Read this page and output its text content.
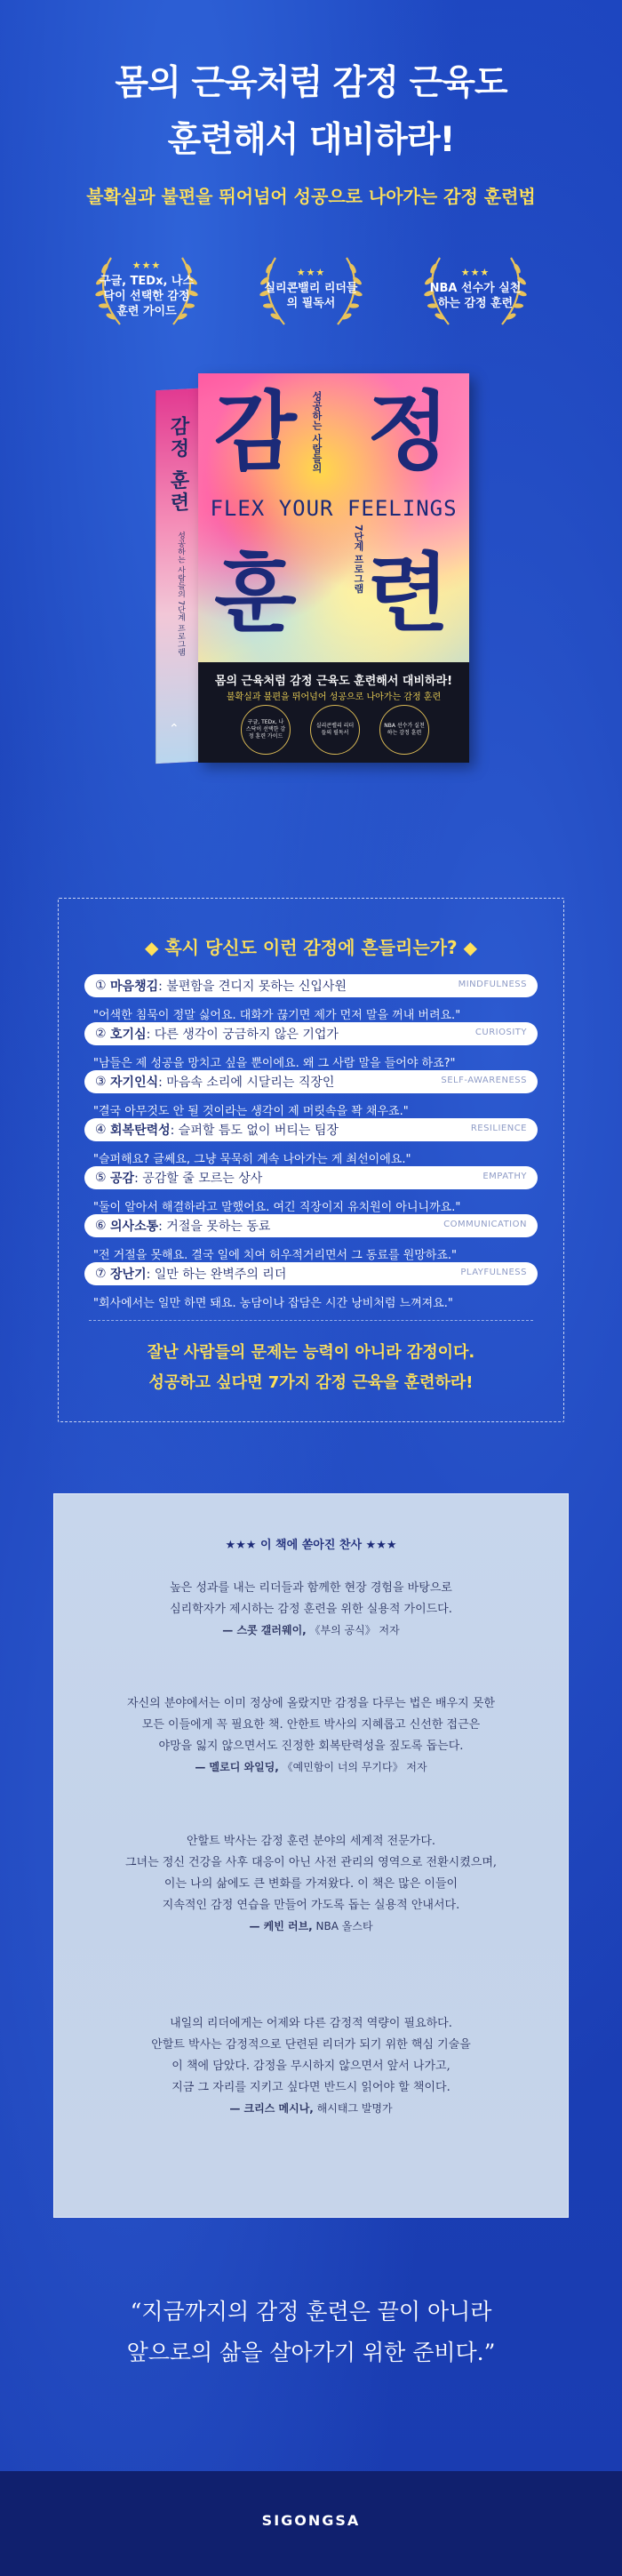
몸의 근육처럼 감정 근육도
훈련해서 대비하라!
불확실과 불편을 뛰어넘어 성공으로 나아가는 감정 훈련법
★★★
구글, TEDx, 나스닥이 선택한 감정 훈련 가이드
★★★
실리콘밸리 리더들의 필독서
★★★
NBA 선수가 실천하는 감정 훈련
감정 훈련
성공하는 사람들의 7단계 프로그램
⌃
감 정
성공하는 사람들의
FLEX YOUR FEELINGS
7단계 프로그램
훈 련
몸의 근육처럼 감정 근육도 훈련해서 대비하라!
불확실과 불편을 뛰어넘어 성공으로 나아가는 감정 훈련
구글, TEDx, 나스닥이 선택한 감정 훈련 가이드
실리콘밸리 리더들의 필독서
NBA 선수가 실천하는 감정 훈련
◆ 혹시 당신도 이런 감정에 흔들리는가? ◆
①
마음챙김 : 불편함을 견디지 못하는 신입사원	MINDFULNESS
"어색한 침묵이 정말 싫어요. 대화가 끊기면 제가 먼저 말을 꺼내 버려요."
②
호기심 : 다른 생각이 궁금하지 않은 기업가	CURIOSITY
"남들은 제 성공을 망치고 싶을 뿐이에요. 왜 그 사람 말을 들어야 하죠?"
③
자기인식 : 마음속 소리에 시달리는 직장인	SELF-AWARENESS
"결국 아무것도 안 될 것이라는 생각이 제 머릿속을 꽉 채우죠."
④
회복탄력성 : 슬퍼할 틈도 없이 버티는 팀장	RESILIENCE
"슬퍼해요? 글쎄요, 그냥 묵묵히 계속 나아가는 게 최선이에요."
⑤
공감 : 공감할 줄 모르는 상사	EMPATHY
"둘이 알아서 해결하라고 말했어요. 여긴 직장이지 유치원이 아니니까요."
⑥
의사소통 : 거절을 못하는 동료	COMMUNICATION
"전 거절을 못해요. 결국 일에 치여 허우적거리면서 그 동료를 원망하죠."
⑦
장난기 : 일만 하는 완벽주의 리더	PLAYFULNESS
"회사에서는 일만 하면 돼요. 농담이나 잡담은 시간 낭비처럼 느껴져요."
잘난 사람들의 문제는 능력이 아니라 감정이다.
성공하고 싶다면 7가지 감정 근육을 훈련하라!
★★★ 이 책에 쏟아진 찬사 ★★★
높은 성과를 내는 리더들과 함께한 현장 경험을 바탕으로
심리학자가 제시하는 감정 훈련을 위한 실용적 가이드다.
— 스콧 갤러웨이, 《부의 공식》 저자
자신의 분야에서는 이미 정상에 올랐지만 감정을 다루는 법은 배우지 못한
모든 이들에게 꼭 필요한 책. 안한트 박사의 지혜롭고 신선한 접근은
야망을 잃지 않으면서도 진정한 회복탄력성을 짚도록 돕는다.
— 멜로디 와일딩, 《예민함이 너의 무기다》 저자
안할트 박사는 감정 훈련 분야의 세계적 전문가다.
그녀는 정신 건강을 사후 대응이 아닌 사전 관리의 영역으로 전환시켰으며,
이는 나의 삶에도 큰 변화를 가져왔다. 이 책은 많은 이들이
지속적인 감정 연습을 만들어 가도록 돕는 실용적 안내서다.
— 케빈 러브, NBA 올스타
내일의 리더에게는 어제와 다른 감정적 역량이 필요하다.
안할트 박사는 감정적으로 단련된 리더가 되기 위한 핵심 기술을
이 책에 담았다. 감정을 무시하지 않으면서 앞서 나가고,
지금 그 자리를 지키고 싶다면 반드시 읽어야 할 책이다.
— 크리스 메시나, 해시태그 발명가
“지금까지의 감정 훈련은 끝이 아니라
앞으로의 삶을 살아가기 위한 준비다.”
SIGONGSA
